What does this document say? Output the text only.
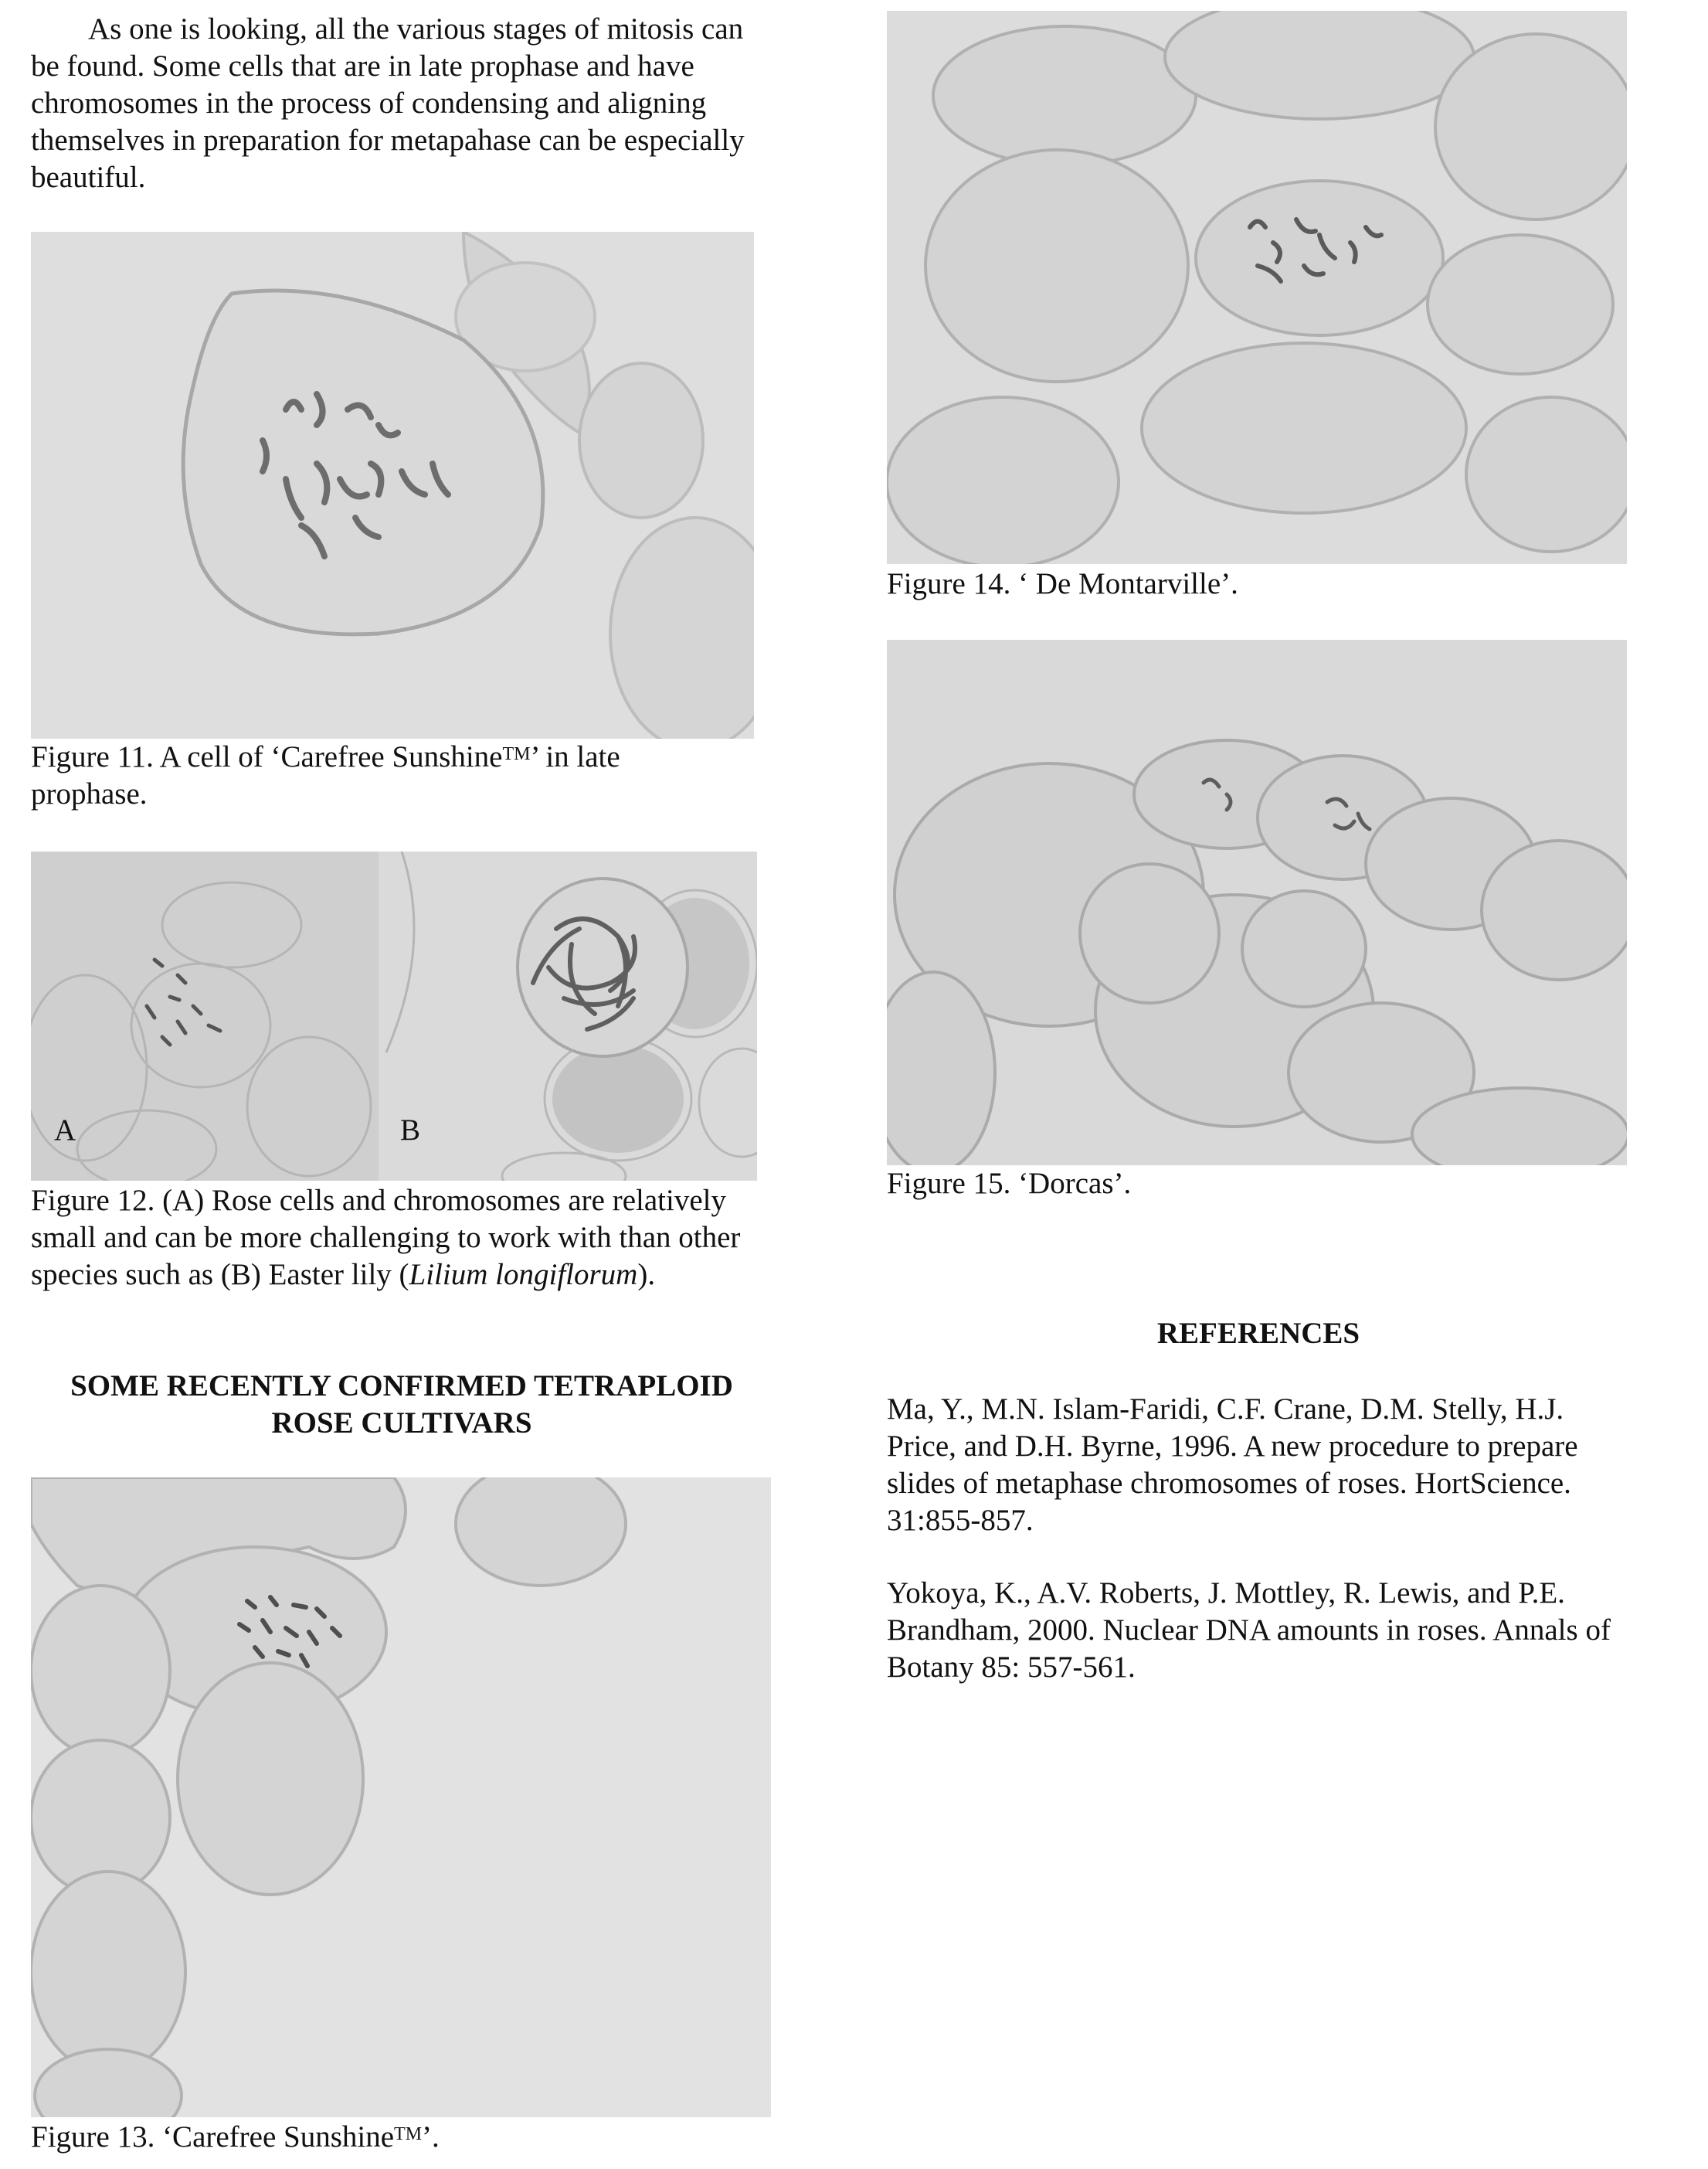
As one is looking, all the various stages of mitosis can be found. Some cells that are in late prophase and have chromosomes in the process of condensing and aligning themselves in preparation for metapahase can be especially beautiful.
Figure 11. A cell of ‘Carefree Sunshine™’ in late prophase.
A	B
Figure 12. (A) Rose cells and chromosomes are relatively small and can be more challenging to work with than other species such as (B) Easter lily (Lilium longiflorum).
SOME RECENTLY CONFIRMED TETRAPLOID ROSE CULTIVARS
Figure 13. ‘Carefree Sunshine™’.
Figure 14. ‘ De Montarville’.
Figure 15. ‘Dorcas’.
REFERENCES
Ma, Y., M.N. Islam-Faridi, C.F. Crane, D.M. Stelly, H.J. Price, and D.H. Byrne, 1996. A new procedure to prepare slides of metaphase chromosomes of roses. HortScience. 31:855-857.
Yokoya, K., A.V. Roberts, J. Mottley, R. Lewis, and P.E. Brandham, 2000. Nuclear DNA amounts in roses. Annals of Botany 85: 557-561.
